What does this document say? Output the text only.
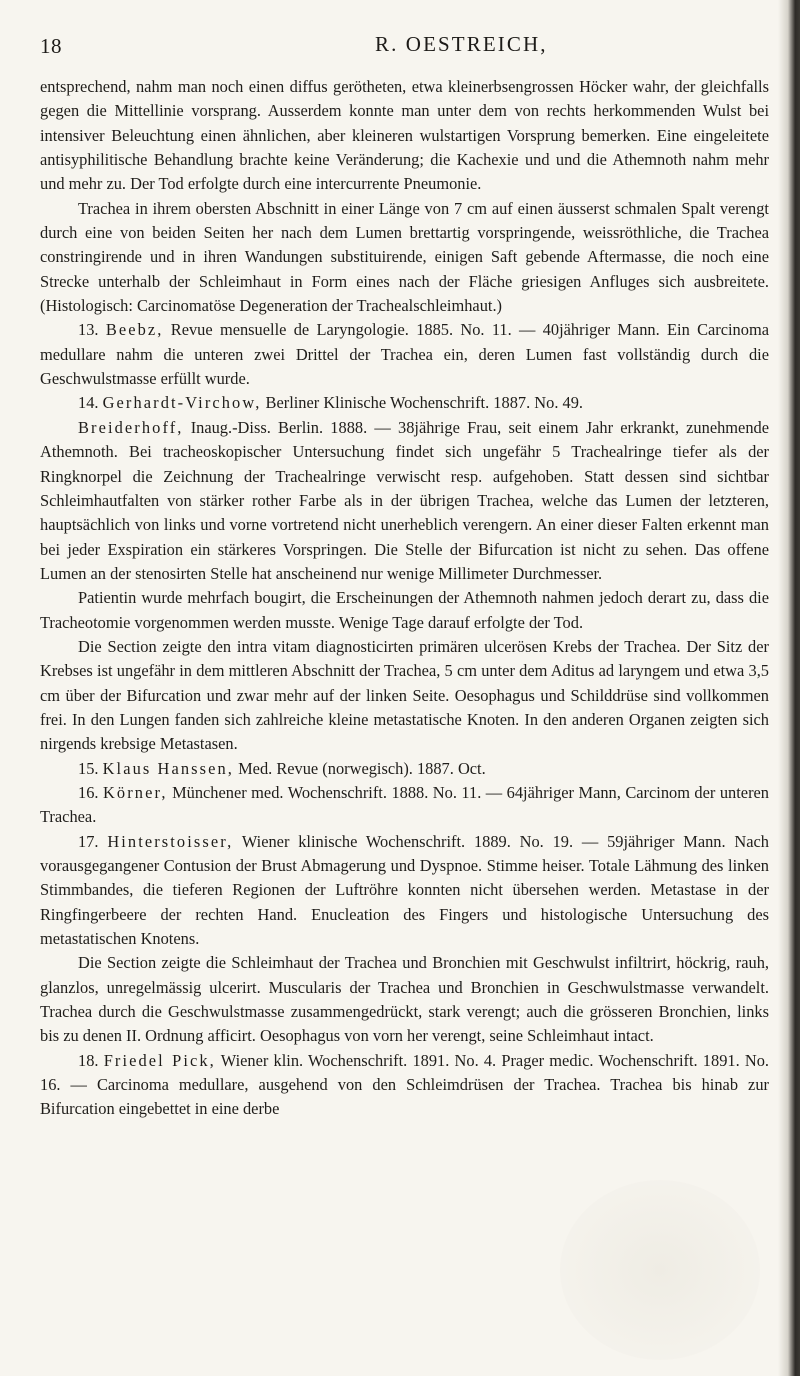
18	R. OESTREICH,

entsprechend, nahm man noch einen diffus gerötheten, etwa kleinerbsengrossen Höcker wahr, der gleichfalls gegen die Mittellinie vorsprang. Ausserdem konnte man unter dem von rechts herkommenden Wulst bei intensiver Beleuchtung einen ähnlichen, aber kleineren wulstartigen Vorsprung bemerken. Eine eingeleitete antisyphilitische Behandlung brachte keine Veränderung; die Kachexie und und die Athemnoth nahm mehr und mehr zu. Der Tod erfolgte durch eine intercurrente Pneumonie.

Trachea in ihrem obersten Abschnitt in einer Länge von 7 cm auf einen äusserst schmalen Spalt verengt durch eine von beiden Seiten her nach dem Lumen brettartig vorspringende, weissröthliche, die Trachea constringirende und in ihren Wandungen substituirende, einigen Saft gebende Aftermasse, die noch eine Strecke unterhalb der Schleimhaut in Form eines nach der Fläche griesigen Anfluges sich ausbreitete. (Histologisch: Carcinomatöse Degeneration der Trachealschleimhaut.)

13. Beebz, Revue mensuelle de Laryngologie. 1885. No. 11. — 40jähriger Mann. Ein Carcinoma medullare nahm die unteren zwei Drittel der Trachea ein, deren Lumen fast vollständig durch die Geschwulstmasse erfüllt wurde.

14. Gerhardt-Virchow, Berliner Klinische Wochenschrift. 1887. No. 49.

Breiderhoff, Inaug.-Diss. Berlin. 1888. — 38jährige Frau, seit einem Jahr erkrankt, zunehmende Athemnoth. Bei tracheoskopischer Untersuchung findet sich ungefähr 5 Trachealringe tiefer als der Ringknorpel die Zeichnung der Trachealringe verwischt resp. aufgehoben. Statt dessen sind sichtbar Schleimhautfalten von stärker rother Farbe als in der übrigen Trachea, welche das Lumen der letzteren, hauptsächlich von links und vorne vortretend nicht unerheblich verengern. An einer dieser Falten erkennt man bei jeder Exspiration ein stärkeres Vorspringen. Die Stelle der Bifurcation ist nicht zu sehen. Das offene Lumen an der stenosirten Stelle hat anscheinend nur wenige Millimeter Durchmesser.

Patientin wurde mehrfach bougirt, die Erscheinungen der Athemnoth nahmen jedoch derart zu, dass die Tracheotomie vorgenommen werden musste. Wenige Tage darauf erfolgte der Tod.

Die Section zeigte den intra vitam diagnosticirten primären ulcerösen Krebs der Trachea. Der Sitz der Krebses ist ungefähr in dem mittleren Abschnitt der Trachea, 5 cm unter dem Aditus ad laryngem und etwa 3,5 cm über der Bifurcation und zwar mehr auf der linken Seite. Oesophagus und Schilddrüse sind vollkommen frei. In den Lungen fanden sich zahlreiche kleine metastatische Knoten. In den anderen Organen zeigten sich nirgends krebsige Metastasen.

15. Klaus Hanssen, Med. Revue (norwegisch). 1887. Oct.

16. Körner, Münchener med. Wochenschrift. 1888. No. 11. — 64jähriger Mann, Carcinom der unteren Trachea.

17. Hinterstoisser, Wiener klinische Wochenschrift. 1889. No. 19. — 59jähriger Mann. Nach vorausgegangener Contusion der Brust Abmagerung und Dyspnoe. Stimme heiser. Totale Lähmung des linken Stimmbandes, die tieferen Regionen der Luftröhre konnten nicht übersehen werden. Metastase in der Ringfingerbeere der rechten Hand. Enucleation des Fingers und histologische Untersuchung des metastatischen Knotens.

Die Section zeigte die Schleimhaut der Trachea und Bronchien mit Geschwulst infiltrirt, höckrig, rauh, glanzlos, unregelmässig ulcerirt. Muscularis der Trachea und Bronchien in Geschwulstmasse verwandelt. Trachea durch die Geschwulstmasse zusammengedrückt, stark verengt; auch die grösseren Bronchien, links bis zu denen II. Ordnung afficirt. Oesophagus von vorn her verengt, seine Schleimhaut intact.

18. Friedel Pick, Wiener klin. Wochenschrift. 1891. No. 4. Prager medic. Wochenschrift. 1891. No. 16. — Carcinoma medullare, ausgehend von den Schleimdrüsen der Trachea. Trachea bis hinab zur Bifurcation eingebettet in eine derbe
